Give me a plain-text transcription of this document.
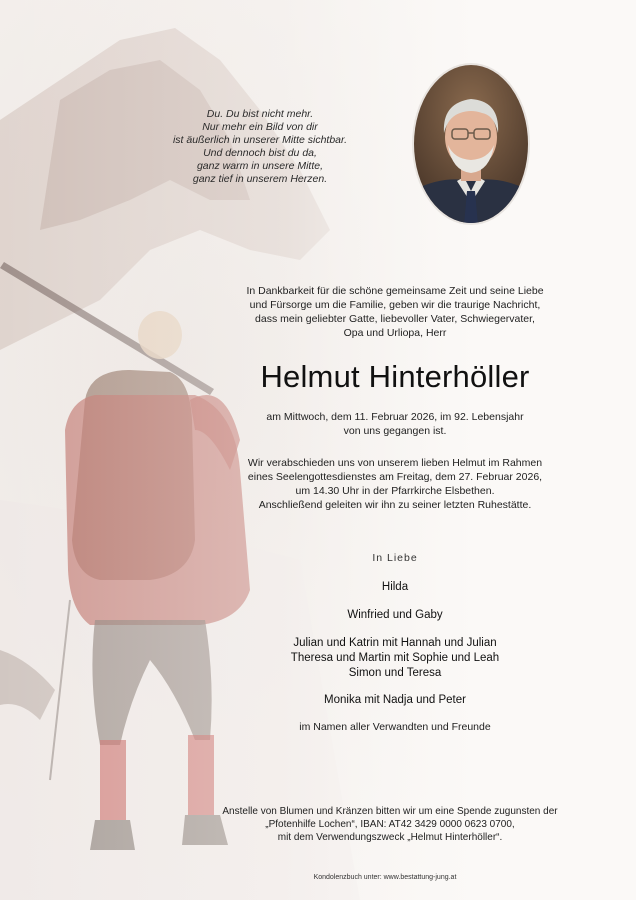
Du. Du bist nicht mehr.
Nur mehr ein Bild von dir
ist äußerlich in unserer Mitte sichtbar.
Und dennoch bist du da,
ganz warm in unsere Mitte,
ganz tief in unserem Herzen.
In Dankbarkeit für die schöne gemeinsame Zeit und seine Liebe
und Fürsorge um die Familie, geben wir die traurige Nachricht,
dass mein geliebter Gatte, liebevoller Vater, Schwiegervater,
Opa und Urliopa, Herr
Helmut Hinterhöller
am Mittwoch, dem 11. Februar 2026, im 92. Lebensjahr
von uns gegangen ist.
Wir verabschieden uns von unserem lieben Helmut im Rahmen
eines Seelengottesdienstes am Freitag, dem 27. Februar 2026,
um 14.30 Uhr in der Pfarrkirche Elsbethen.
Anschließend geleiten wir ihn zu seiner letzten Ruhestätte.
In Liebe
Hilda
Winfried und Gaby
Julian und Katrin mit Hannah und Julian
Theresa und Martin mit Sophie und Leah
Simon und Teresa
Monika mit Nadja und Peter
im Namen aller Verwandten und Freunde
Anstelle von Blumen und Kränzen bitten wir um eine Spende zugunsten der
„Pfotenhilfe Lochen“, IBAN: AT42 3429 0000 0623 0700,
mit dem Verwendungszweck „Helmut Hinterhöller“.
Kondolenzbuch unter: www.bestattung-jung.at
